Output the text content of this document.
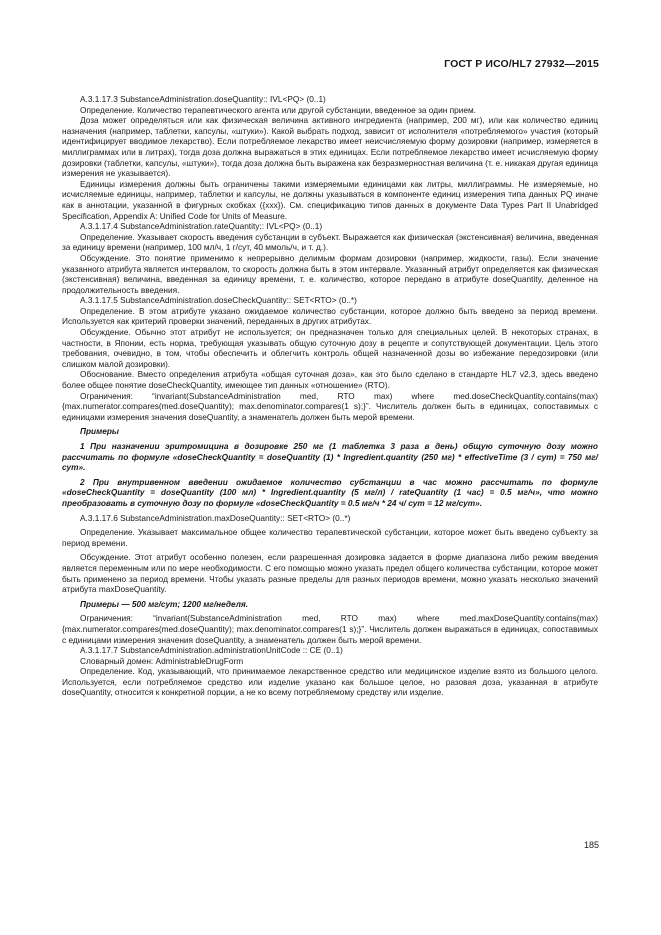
ГОСТ Р ИСО/HL7 27932—2015

A.3.1.17.3 SubstanceAdministration.doseQuantity:: IVL<PQ> (0..1)

Определение. Количество терапевтического агента или другой субстанции, введенное за один прием.

Доза может определяться или как физическая величина активного ингредиента (например, 200 мг), или как количество единиц назначения (например, таблетки, капсулы, «штуки»). Какой выбрать подход, зависит от исполнителя «потребляемого» участия (который идентифицирует вводимое лекарство). Если потребляемое лекарство имеет неисчисляемую форму дозировки (например, измеряется в миллиграммах или в литрах), тогда доза должна выражаться в этих единицах. Если потребляемое лекарство имеет исчисляемую форму дозировки (таблетки, капсулы, «штуки»), тогда доза должна быть выражена как безразмерностная величина (т. е. никакая другая единица измерения не указывается).

Единицы измерения должны быть ограничены такими измеряемыми единицами как литры, миллиграммы. Не измеряемые, но исчисляемые единицы, например, таблетки и капсулы, не должны указываться в компоненте единиц измерения типа данных PQ иначе как в аннотации, указанной в фигурных скобках ({xxx}). См. спецификацию типов данных в документе Data Types Part II Unabridged Specification, Appendix A: Unified Code for Units of Measure.

A.3.1.17.4 SubstanceAdministration.rateQuantity:: IVL<PQ> (0..1)

Определение. Указывает скорость введения субстанции в субъект. Выражается как физическая (экстенсивная) величина, введенная за единицу времени (например, 100 мл/ч, 1 г/сут, 40 ммоль/ч, и т. д.).

Обсуждение. Это понятие применимо к непрерывно делимым формам дозировки (например, жидкости, газы). Если значение указанного атрибута является интервалом, то скорость должна быть в этом интервале. Указанный атрибут определяется как физическая (экстенсивная) величина, введенная за единицу времени, т. е. количество, которое передано в атрибуте doseQuantity, деленное на продолжительность введения.

A.3.1.17.5 SubstanceAdministration.doseCheckQuantity:: SET<RTO> (0..*)

Определение. В этом атрибуте указано ожидаемое количество субстанции, которое должно быть введено за период времени. Используется как критерий проверки значений, переданных в других атрибутах.

Обсуждение. Обычно этот атрибут не используется; он предназначен только для специальных целей. В некоторых странах, в частности, в Японии, есть норма, требующая указывать общую суточную дозу в рецепте и сопутствующей документации. Цель этого требования, очевидно, в том, чтобы обеспечить и облегчить контроль общей назначенной дозы во избежание передозировки (или слишком малой дозировки).

Обоснование. Вместо определения атрибута «общая суточная доза», как это было сделано в стандарте HL7 v2.3, здесь введено более общее понятие doseCheckQuantity, имеющее тип данных «отношение» (RTO).

Ограничения: “invariant(SubstanceAdministration med, RTO max) where med.doseCheckQuantity.contains(max) {max.numerator.compares(med.doseQuantity); max.denominator.compares(1 s);}”. Числитель должен быть в единицах, сопоставимых с единицами измерения значения doseQuantity, а знаменатель должен быть мерой времени.

Примеры

1 При назначении эритромицина в дозировке 250 мг (1 таблетка 3 раза в день) общую суточную дозу можно рассчитать по формуле «doseCheckQuantity = doseQuantity (1) * Ingredient.quantity (250 мг) * effectiveTime (3 / сут) = 750 мг/сут».

2 При внутривенном введении ожидаемое количество субстанции в час можно рассчитать по формуле «doseCheckQuantity = doseQuantity (100 мл) * Ingredient.quantity (5 мг/л) / rateQuantity (1 час) = 0.5 мг/ч», что можно преобразовать в суточную дозу по формуле «doseCheckQuantity = 0.5 мг/ч * 24 ч/ сут = 12 мг/сут».

A.3.1.17.6 SubstanceAdministration.maxDoseQuantity:: SET<RTO> (0..*)

Определение. Указывает максимальное общее количество терапевтической субстанции, которое может быть введено субъекту за период времени.

Обсуждение. Этот атрибут особенно полезен, если разрешенная дозировка задается в форме диапазона либо режим введения является переменным или по мере необходимости. С его помощью можно указать предел общего количества субстанции, которое может быть применено за период времени. Чтобы указать разные пределы для разных периодов времени, можно указать несколько значений атрибута maxDoseQuantity.

Примеры — 500 мг/сут; 1200 мг/неделя.

Ограничения: “invariant(SubstanceAdministration med, RTO max) where med.maxDoseQuantity.contains(max) {max.numerator.compares(med.doseQuantity); max.denominator.compares(1 s);}”. Числитель должен выражаться в единицах, сопоставимых с единицами измерения значения doseQuantity, а знаменатель должен быть мерой времени.

A.3.1.17.7 SubstanceAdministration.administrationUnitCode :: CE (0..1)

Словарный домен: AdministrableDrugForm

Определение. Код, указывающий, что принимаемое лекарственное средство или медицинское изделие взято из большого целого. Используется, если потребляемое средство или изделие указано как большое целое, но разовая доза, указанная в атрибуте doseQuantity, относится к конкретной порции, а не ко всему потребляемому средству или изделие.

185
